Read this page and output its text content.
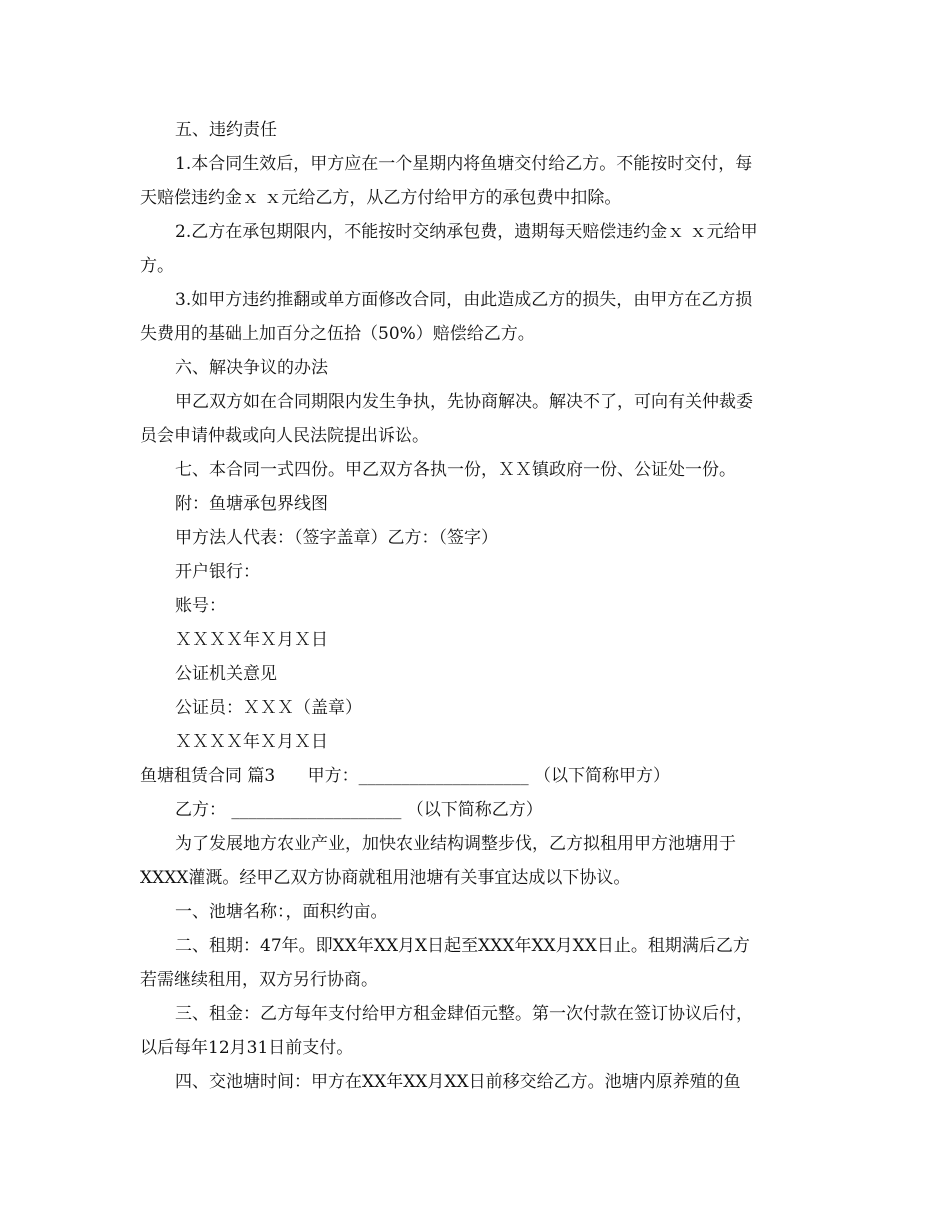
五、违约责任
1.本合同生效后，甲方应在一个星期内将鱼塘交付给乙方。不能按时交付，每
天赔偿违约金ｘ ｘ元给乙方，从乙方付给甲方的承包费中扣除。
2.乙方在承包期限内，不能按时交纳承包费，遗期每天赔偿违约金ｘ ｘ元给甲
方。
3.如甲方违约推翻或单方面修改合同，由此造成乙方的损失，由甲方在乙方损
失费用的基础上加百分之伍拾（50%）赔偿给乙方。
六、解决争议的办法
甲乙双方如在合同期限内发生争执，先协商解决。解决不了，可向有关仲裁委
员会申请仲裁或向人民法院提出诉讼。
七、本合同一式四份。甲乙双方各执一份，ＸＸ镇政府一份、公证处一份。
附：鱼塘承包界线图
甲方法人代表：（签字盖章）乙方：（签字）
开户银行：
账号：
ＸＸＸＸ年Ｘ月Ｘ日
公证机关意见
公证员：ＸＸＸ（盖章）
ＸＸＸＸ年Ｘ月Ｘ日
鱼塘租赁合同 篇3      甲方：____________________ （以下简称甲方）
乙方： ____________________ （以下简称乙方）
为了发展地方农业产业，加快农业结构调整步伐，乙方拟租用甲方池塘用于
XXXX灌溉。经甲乙双方协商就租用池塘有关事宜达成以下协议。
一、池塘名称：，面积约亩。
二、租期：47年。即XX年XX月X日起至XXX年XX月XX日止。租期满后乙方
若需继续租用，双方另行协商。
三、租金：乙方每年支付给甲方租金肆佰元整。第一次付款在签订协议后付，
以后每年12月31日前支付。
四、交池塘时间：甲方在XX年XX月XX日前移交给乙方。池塘内原养殖的鱼
